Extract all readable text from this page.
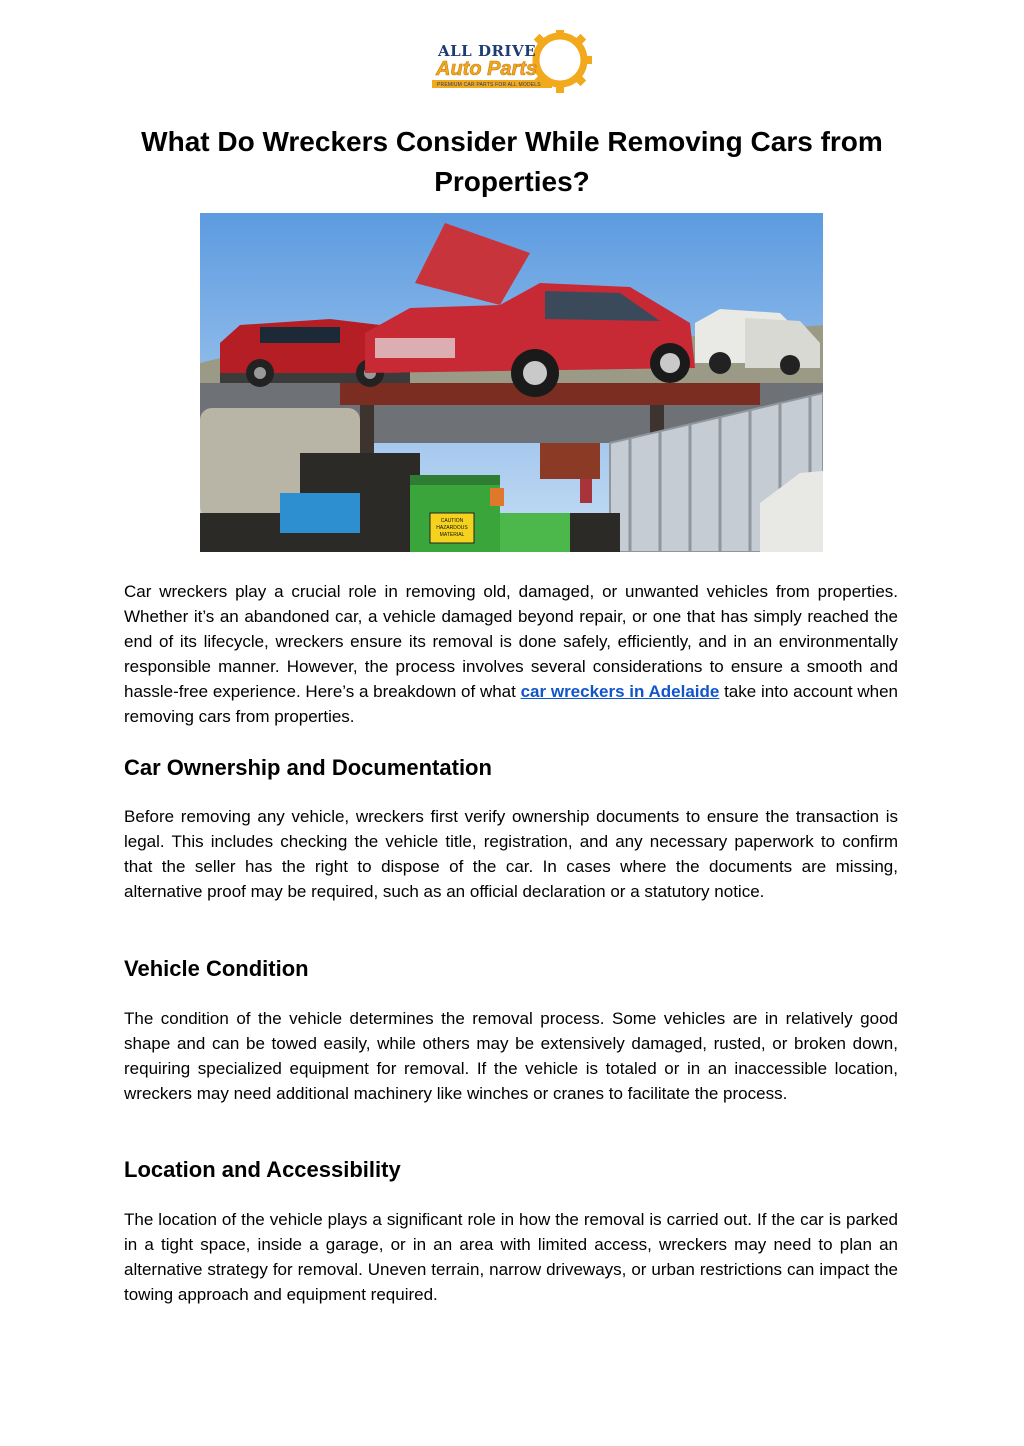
ALL DRIVE
Auto Parts
PREMIUM CAR PARTS FOR ALL MODELS
What Do Wreckers Consider While Removing Cars from Properties?
CAUTION
HAZARDOUS
MATERIAL

Car wreckers play a crucial role in removing old, damaged, or unwanted vehicles from properties. Whether it’s an abandoned car, a vehicle damaged beyond repair, or one that has simply reached the end of its lifecycle, wreckers ensure its removal is done safely, efficiently, and in an environmentally responsible manner. However, the process involves several considerations to ensure a smooth and hassle-free experience. Here’s a breakdown of what car wreckers in Adelaide take into account when removing cars from properties.

Car Ownership and Documentation

Before removing any vehicle, wreckers first verify ownership documents to ensure the transaction is legal. This includes checking the vehicle title, registration, and any necessary paperwork to confirm that the seller has the right to dispose of the car. In cases where the documents are missing, alternative proof may be required, such as an official declaration or a statutory notice.

Vehicle Condition

The condition of the vehicle determines the removal process. Some vehicles are in relatively good shape and can be towed easily, while others may be extensively damaged, rusted, or broken down, requiring specialized equipment for removal. If the vehicle is totaled or in an inaccessible location, wreckers may need additional machinery like winches or cranes to facilitate the process.

Location and Accessibility

The location of the vehicle plays a significant role in how the removal is carried out. If the car is parked in a tight space, inside a garage, or in an area with limited access, wreckers may need to plan an alternative strategy for removal. Uneven terrain, narrow driveways, or urban restrictions can impact the towing approach and equipment required.
